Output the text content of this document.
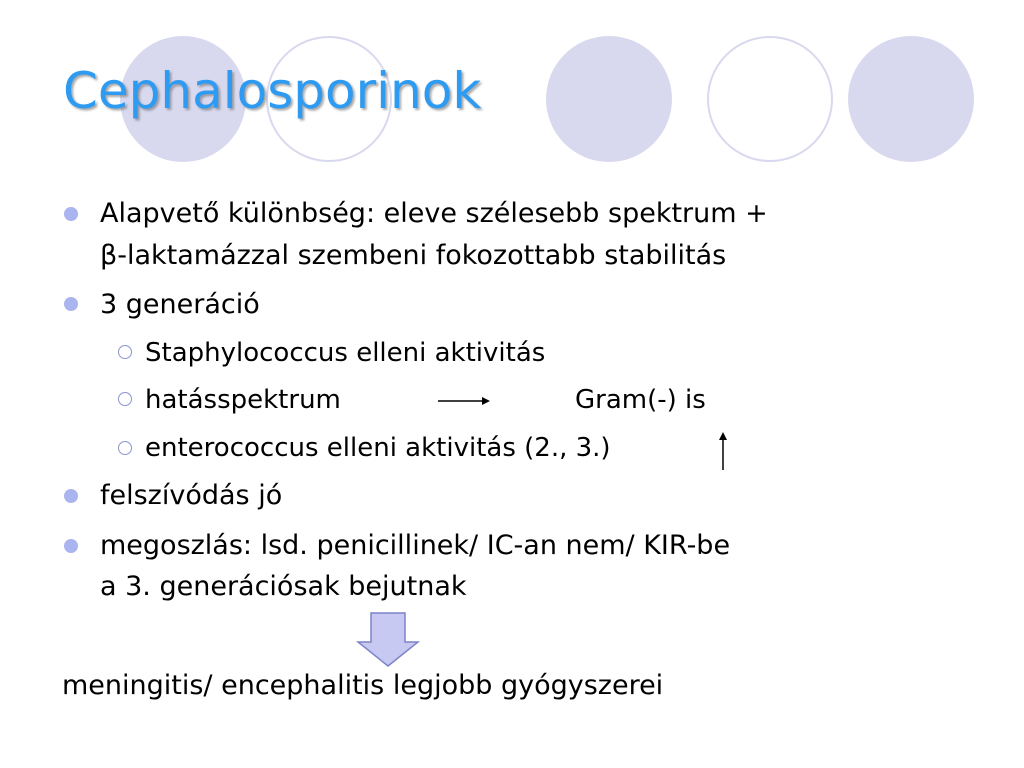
Cephalosporinok
Alapvető különbség: eleve szélesebb spektrum +
β-laktamázzal szembeni fokozottabb stabilitás
3 generáció
Staphylococcus elleni aktivitás
hatásspektrum	Gram(-) is
enterococcus elleni aktivitás (2., 3.)
felszívódás jó
megoszlás: lsd. penicillinek/ IC-an nem/ KIR-be
a 3. generációsak bejutnak
meningitis/ encephalitis legjobb gyógyszerei
